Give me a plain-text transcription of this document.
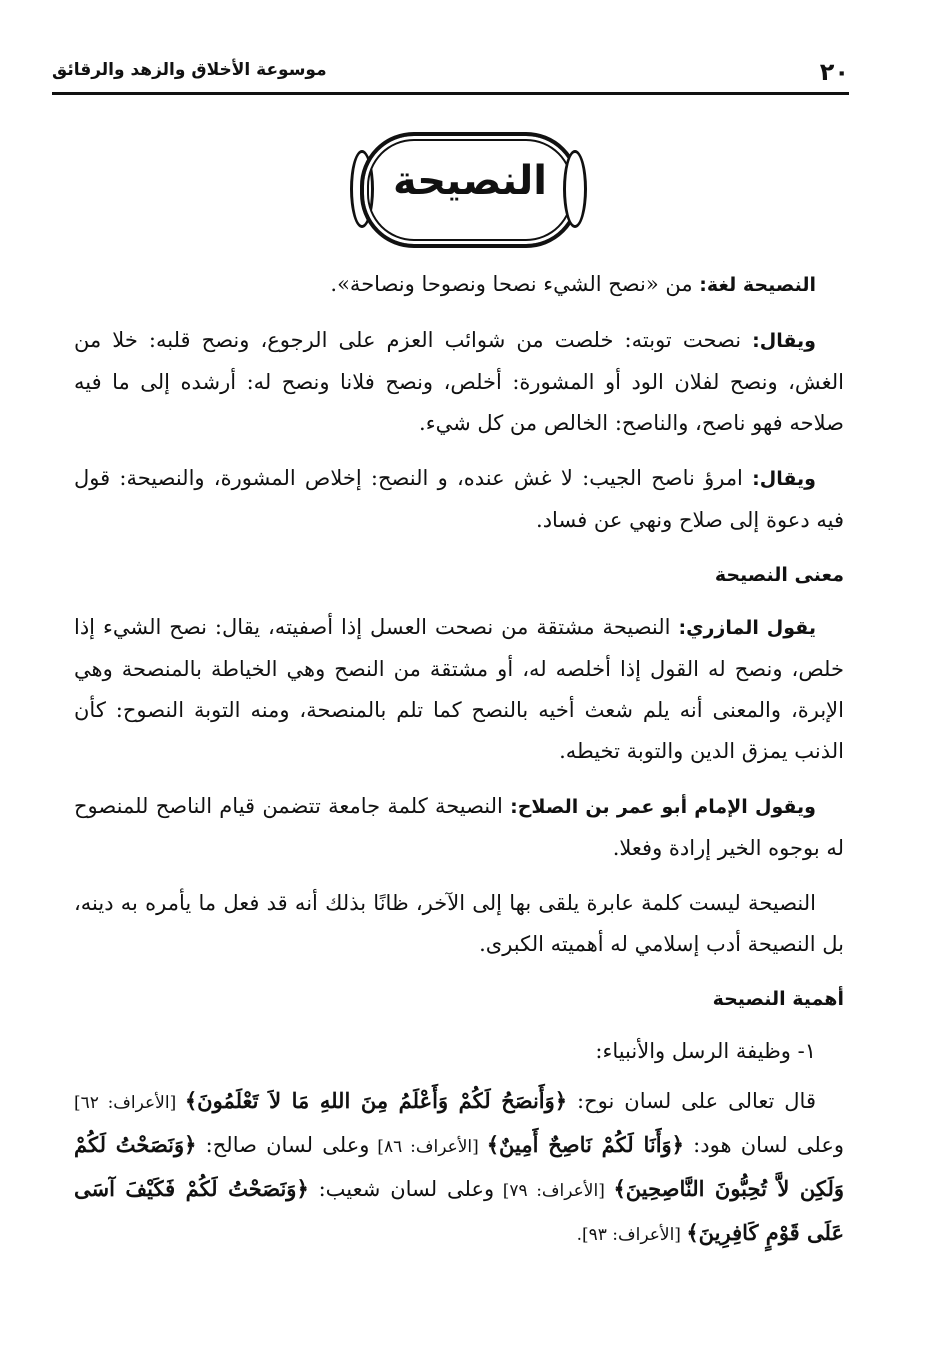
٢٠
موسوعة الأخلاق والزهد والرقائق
النصيحة

النصيحة لغة: من «نصح الشيء نصحا ونصوحا ونصاحة».

ويقال: نصحت توبته: خلصت من شوائب العزم على الرجوع، ونصح قلبه: خلا من الغش، ونصح لفلان الود أو المشورة: أخلص، ونصح فلانا ونصح له: أرشده إلى ما فيه صلاحه فهو ناصح، والناصح: الخالص من كل شيء.

ويقال: امرؤ ناصح الجيب: لا غش عنده، و النصح: إخلاص المشورة، والنصيحة: قول فيه دعوة إلى صلاح ونهي عن فساد.

معنى النصيحة

يقول المازري: النصيحة مشتقة من نصحت العسل إذا أصفيته، يقال: نصح الشيء إذا خلص، ونصح له القول إذا أخلصه له، أو مشتقة من النصح وهي الخياطة بالمنصحة وهي الإبرة، والمعنى أنه يلم شعث أخيه بالنصح كما تلم بالمنصحة، ومنه التوبة النصوح: كأن الذنب يمزق الدين والتوبة تخيطه.

ويقول الإمام أبو عمر بن الصلاح: النصيحة كلمة جامعة تتضمن قيام الناصح للمنصوح له بوجوه الخير إرادة وفعلا.

النصيحة ليست كلمة عابرة يلقى بها إلى الآخر، ظانًا بذلك أنه قد فعل ما يأمره به دينه، بل النصيحة أدب إسلامي له أهميته الكبرى.

أهمية النصيحة

١- وظيفة الرسل والأنبياء:

قال تعالى على لسان نوح: ﴿وَأَنصَحُ لَكُمْ وَأَعْلَمُ مِنَ اللهِ مَا لاَ تَعْلَمُونَ﴾ [الأعراف: ٦٢] وعلى لسان هود: ﴿وَأَنَا لَكُمْ نَاصِحٌ أَمِينٌ﴾ [الأعراف: ٨٦] وعلى لسان صالح: ﴿وَنَصَحْتُ لَكُمْ وَلَكِن لاَّ تُحِبُّونَ النَّاصِحِينَ﴾ [الأعراف: ٧٩] وعلى لسان شعيب: ﴿وَنَصَحْتُ لَكُمْ فَكَيْفَ آسَى عَلَى قَوْمٍ كَافِرِينَ﴾ [الأعراف: ٩٣].
